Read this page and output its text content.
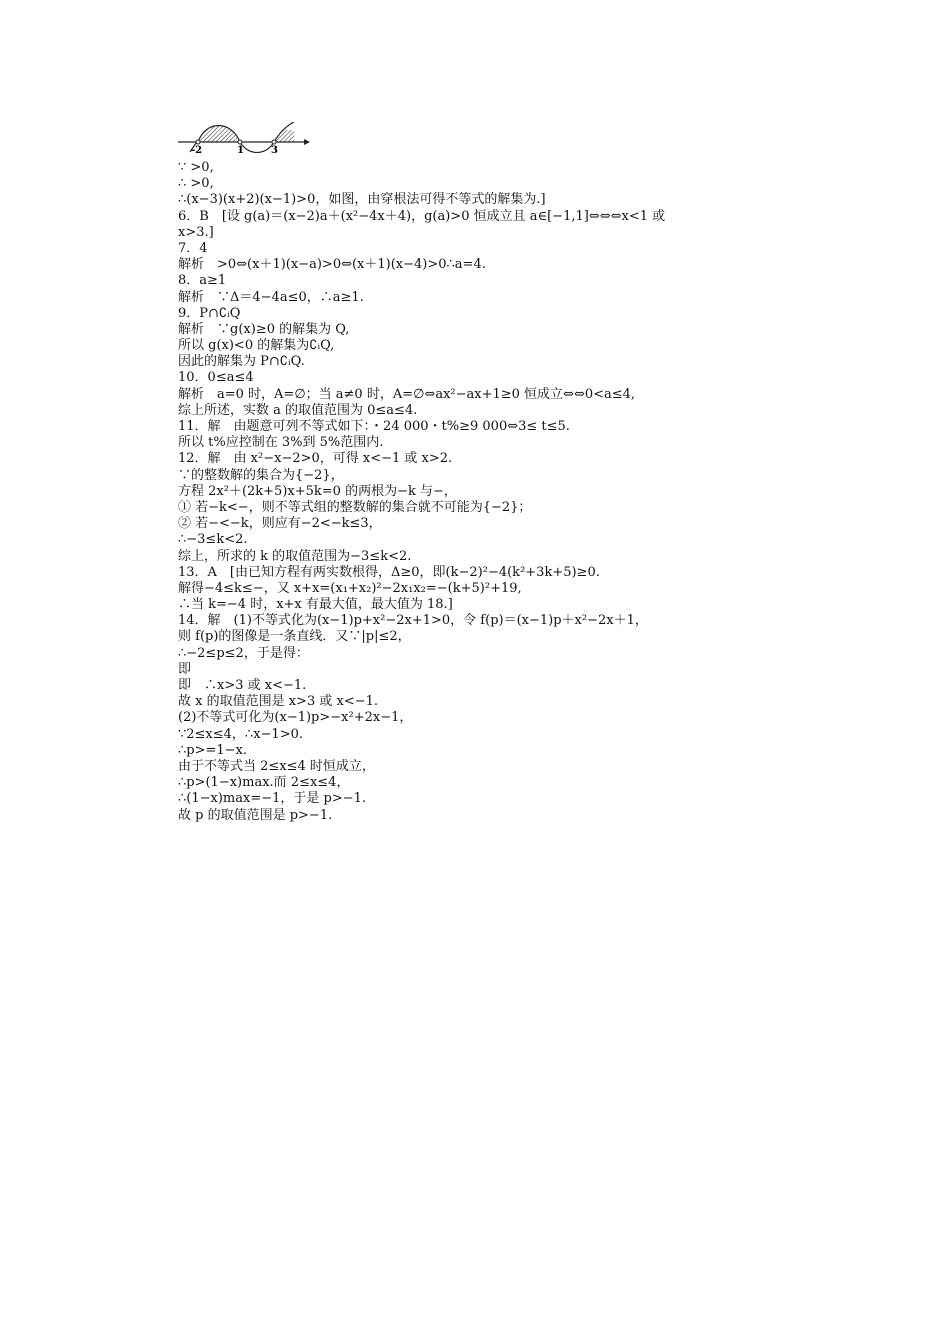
-2	1	3
∵ >0,
∴ >0,
∴(x−3)(x+2)(x−1)>0，如图，由穿根法可得不等式的解集为.]
6．B　[设 g(a)＝(x−2)a＋(x²−4x＋4)，g(a)>0 恒成立且 a∈[−1,1]⇔⇔⇔x<1 或
x>3.]
7．4
解析　>0⇔(x＋1)(x−a)>0⇔(x＋1)(x−4)>0∴a=4.
8．a≥1
解析　∵Δ＝4−4a≤0，∴a≥1.
9．P∩∁ᵢQ
解析　∵g(x)≥0 的解集为 Q,
所以 g(x)<0 的解集为∁ᵢQ,
因此的解集为 P∩∁ᵢQ.
10．0≤a≤4
解析　a=0 时，A=∅；当 a≠0 时，A=∅⇔ax²−ax+1≥0 恒成立⇔⇔0<a≤4,
综上所述，实数 a 的取值范围为 0≤a≤4.
11．解　由题意可列不等式如下：・24 000・t%≥9 000⇔3≤ t≤5.
所以 t%应控制在 3%到 5%范围内.
12．解　由 x²−x−2>0，可得 x<−1 或 x>2.
∵的整数解的集合为{−2}，
方程 2x²＋(2k+5)x+5k=0 的两根为−k 与−，
① 若−k<−，则不等式组的整数解的集合就不可能为{−2}；
② 若−<−k，则应有−2<−k≤3，
∴−3≤k<2.
综上，所求的 k 的取值范围为−3≤k<2.
13．A　[由已知方程有两实数根得，Δ≥0，即(k−2)²−4(k²+3k+5)≥0.
解得−4≤k≤−，又 x+x=(x₁+x₂)²−2x₁x₂=−(k+5)²+19,
∴当 k=−4 时，x+x 有最大值，最大值为 18.]
14．解　(1)不等式化为(x−1)p+x²−2x+1>0，令 f(p)＝(x−1)p＋x²−2x＋1，
则 f(p)的图像是一条直线．又∵|p|≤2，
∴−2≤p≤2，于是得：
即
即　∴x>3 或 x<−1.
故 x 的取值范围是 x>3 或 x<−1.
(2)不等式可化为(x−1)p>−x²+2x−1，
∵2≤x≤4，∴x−1>0.
∴p>=1−x.
由于不等式当 2≤x≤4 时恒成立，
∴p>(1−x)max.而 2≤x≤4，
∴(1−x)max=−1，于是 p>−1.
故 p 的取值范围是 p>−1.
